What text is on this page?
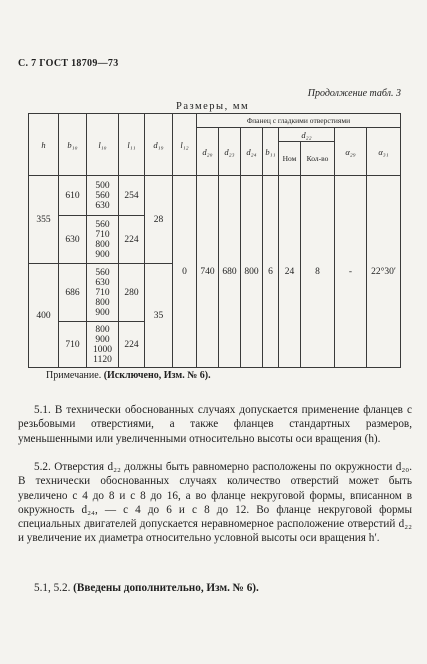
С. 7 ГОСТ 18709—73
Продолжение табл. 3
Размеры, мм
h	b₁₀	l₁₀	l₁₁	d₁₉	l₁₂	Фланец с гладкими отверстиями							
						d₂₀	d₂₃	d₂₄	b₁₁	d₂₂		α₂₉	α₃₁
										Ном	Кол-во		
355	610	500
560
630	254	28	0	740	680	800	6	24	8	-	22°30′
	630	560
710
800
900	224										
400	686	560
630
710
800
900	280	35									
	710	800
900
1000
1120	224										
Примечание. (Исключено, Изм. № 6).
5.1. В технически обоснованных случаях допускается применение фланцев с резьбовыми отверстиями, а также фланцев стандартных размеров, уменьшенными или увеличенными относительно высоты оси вращения (h).
5.2. Отверстия d₂₂ должны быть равномерно расположены по окружности d₂₀. В технически обоснованных случаях количество отверстий может быть увеличено с 4 до 8 и с 8 до 16, а во фланце некруговой формы, вписанном в окружность d₂₄, — с 4 до 6 и с 8 до 12. Во фланце некруговой формы специальных двигателей допускается неравномерное расположение отверстий d₂₂ и увеличение их диаметра относительно условной высоты оси вращения h′.
5.1, 5.2. (Введены дополнительно, Изм. № 6).
